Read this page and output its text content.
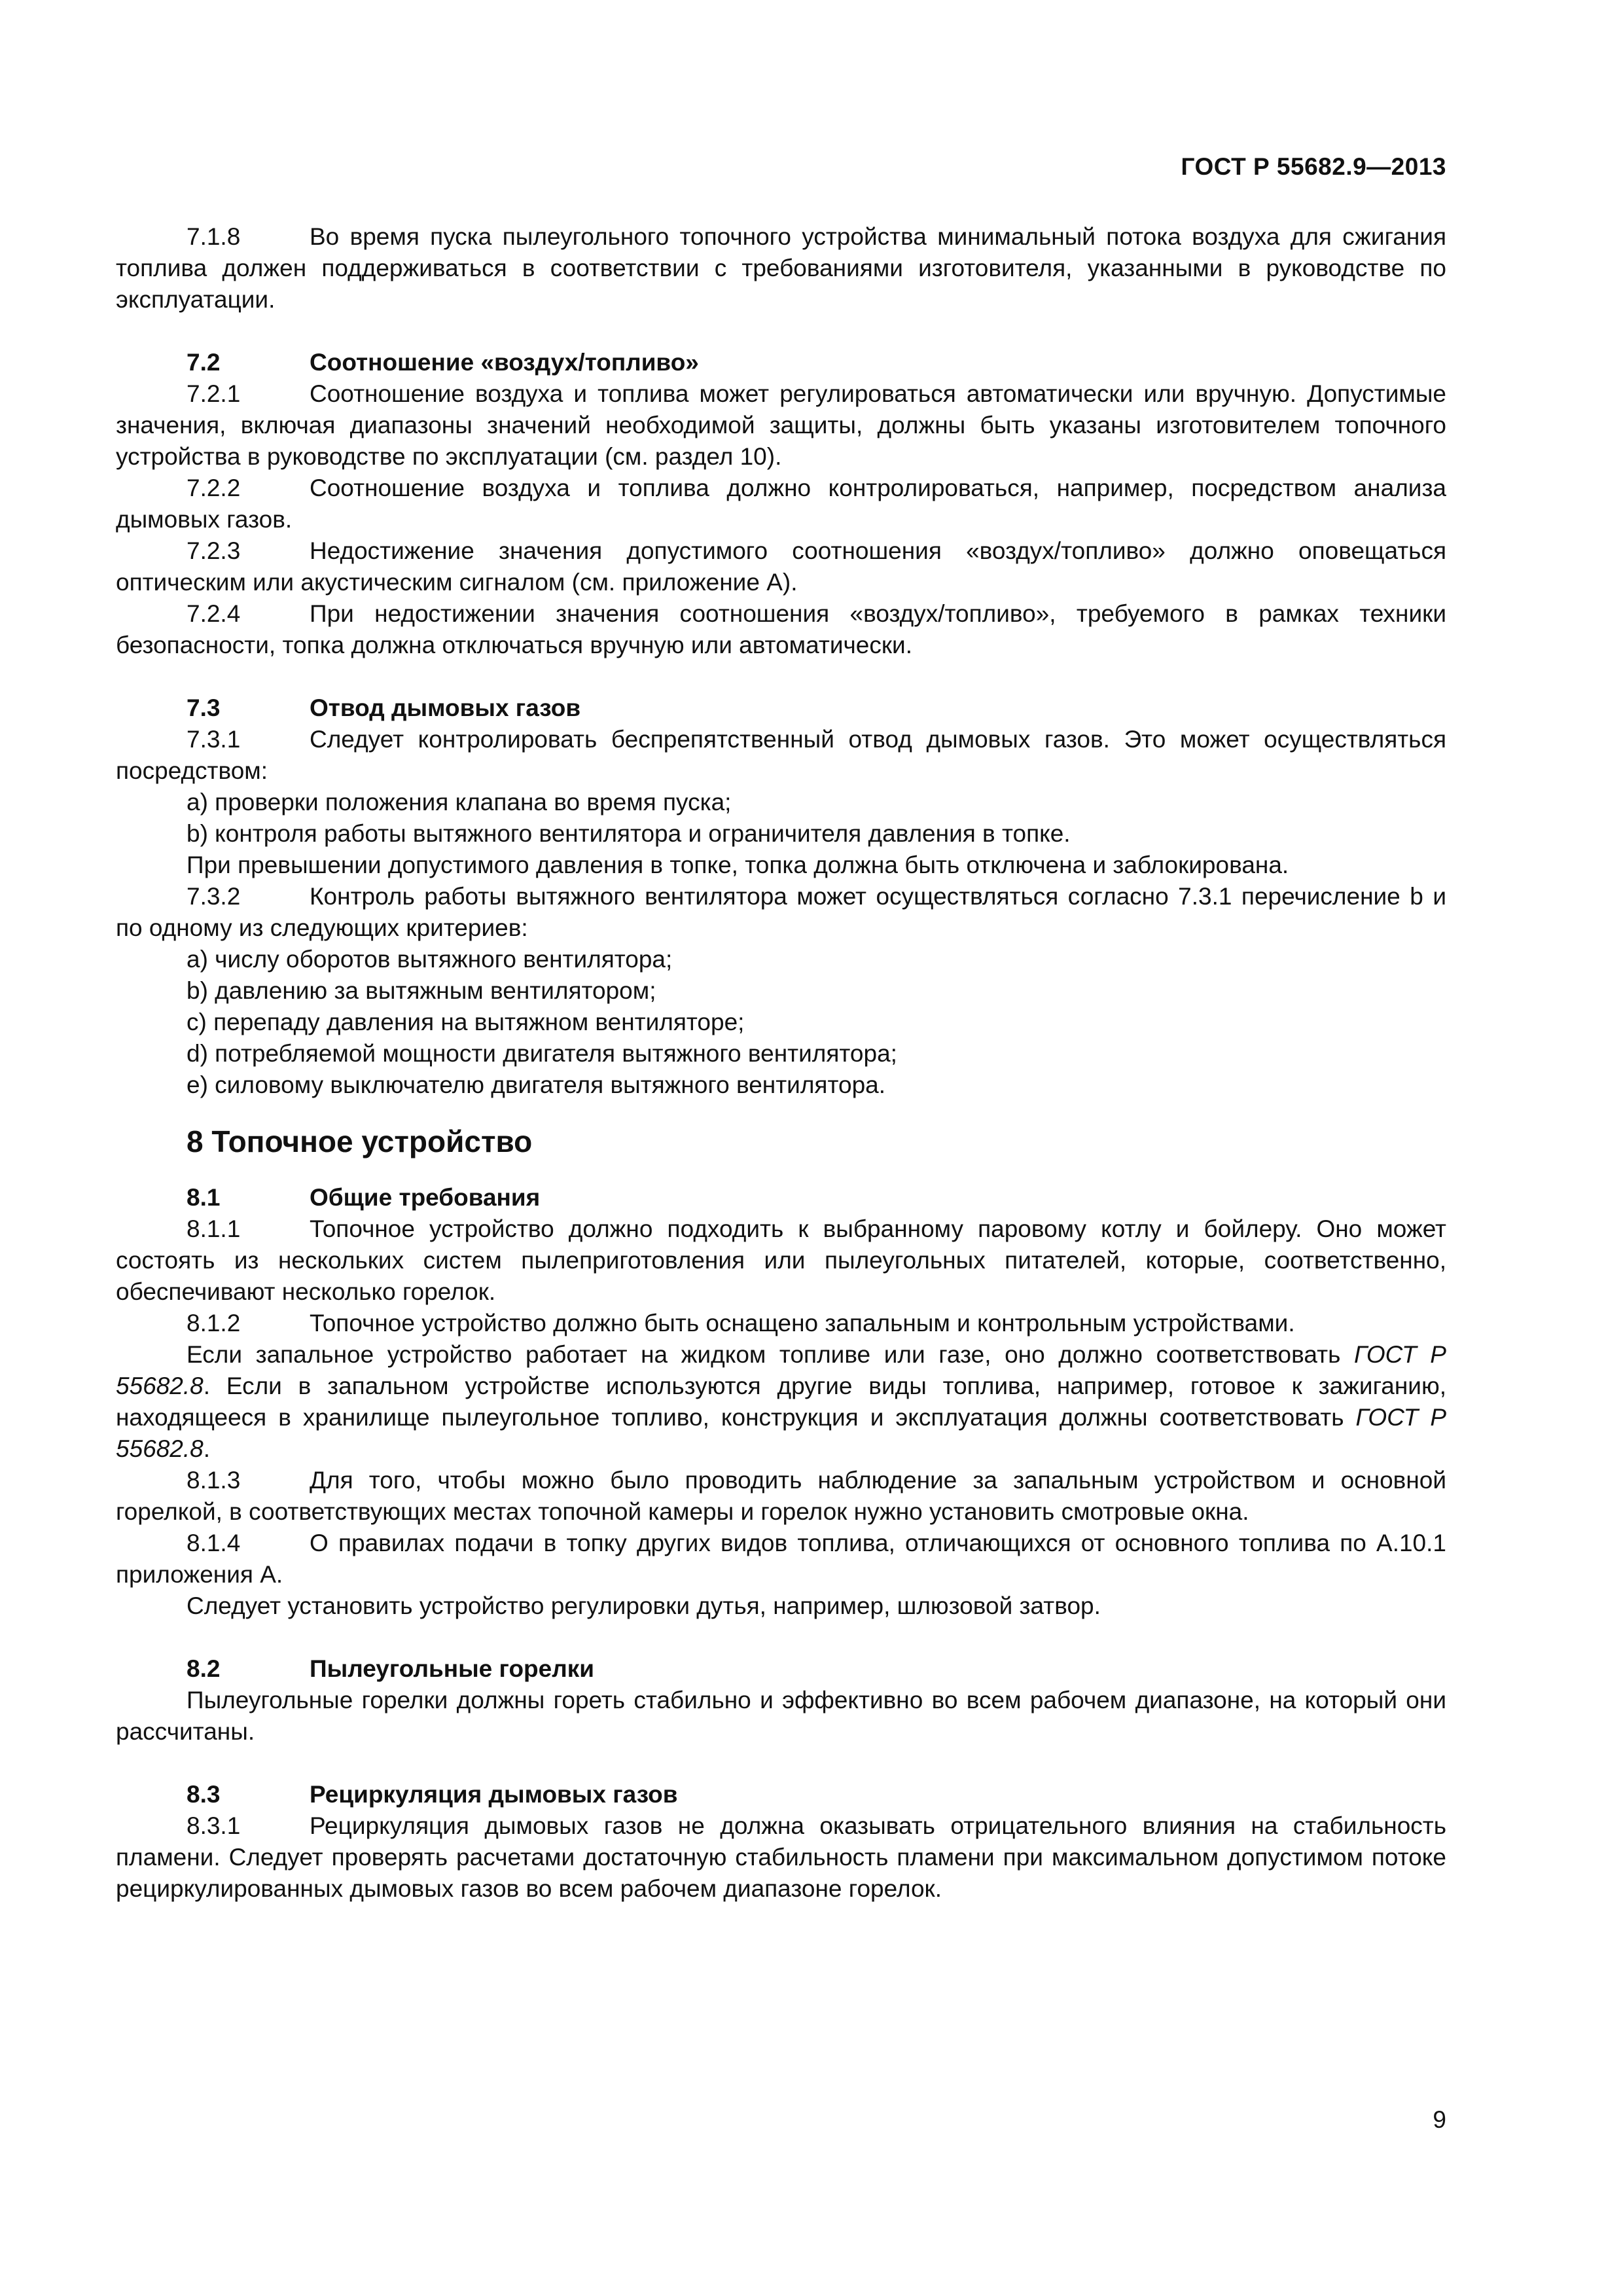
ГОСТ Р 55682.9—2013

7.1.8	Во время пуска пылеугольного топочного устройства минимальный потока воздуха для сжигания топлива должен поддерживаться в соответствии с требованиями изготовителя, указанными в руководстве по эксплуатации.

7.2	Соотношение «воздух/топливо»

7.2.1	Соотношение воздуха и топлива может регулироваться автоматически или вручную. Допустимые значения, включая диапазоны значений необходимой защиты, должны быть указаны изготовителем топочного устройства в руководстве по эксплуатации (см. раздел 10).

7.2.2	Соотношение воздуха и топлива должно контролироваться, например, посредством анализа дымовых газов.

7.2.3	Недостижение значения допустимого соотношения «воздух/топливо» должно оповещаться оптическим или акустическим сигналом (см. приложение А).

7.2.4	При недостижении значения соотношения «воздух/топливо», требуемого в рамках техники безопасности, топка должна отключаться вручную или автоматически.

7.3	Отвод дымовых газов

7.3.1	Следует контролировать беспрепятственный отвод дымовых газов. Это может осуществляться посредством:

а) проверки положения клапана во время пуска;

b) контроля работы вытяжного вентилятора и ограничителя давления в топке.

При превышении допустимого давления в топке, топка должна быть отключена и заблокирована.

7.3.2	Контроль работы вытяжного вентилятора может осуществляться согласно 7.3.1 перечисление b и по одному из следующих критериев:

а) числу оборотов вытяжного вентилятора;

b) давлению за вытяжным вентилятором;

с) перепаду давления на вытяжном вентиляторе;

d) потребляемой мощности двигателя вытяжного вентилятора;

е) силовому выключателю двигателя вытяжного вентилятора.

8 Топочное устройство

8.1	Общие требования

8.1.1	Топочное устройство должно подходить к выбранному паровому котлу и бойлеру. Оно может состоять из нескольких систем пылеприготовления или пылеугольных питателей, которые, соответственно, обеспечивают несколько горелок.

8.1.2	Топочное устройство должно быть оснащено запальным и контрольным устройствами.

Если запальное устройство работает на жидком топливе или газе, оно должно соответствовать ГОСТ Р 55682.8. Если в запальном устройстве используются другие виды топлива, например, готовое к зажиганию, находящееся в хранилище пылеугольное топливо, конструкция и эксплуатация должны соответствовать ГОСТ Р 55682.8.

8.1.3	Для того, чтобы можно было проводить наблюдение за запальным устройством и основной горелкой, в соответствующих местах топочной камеры и горелок нужно установить смотровые окна.

8.1.4	О правилах подачи в топку других видов топлива, отличающихся от основного топлива по А.10.1 приложения А.

Следует установить устройство регулировки дутья, например, шлюзовой затвор.

8.2	Пылеугольные горелки

Пылеугольные горелки должны гореть стабильно и эффективно во всем рабочем диапазоне, на который они рассчитаны.

8.3	Рециркуляция дымовых газов

8.3.1	Рециркуляция дымовых газов не должна оказывать отрицательного влияния на стабильность пламени. Следует проверять расчетами достаточную стабильность пламени при максимальном допустимом потоке рециркулированных дымовых газов во всем рабочем диапазоне горелок.

9
